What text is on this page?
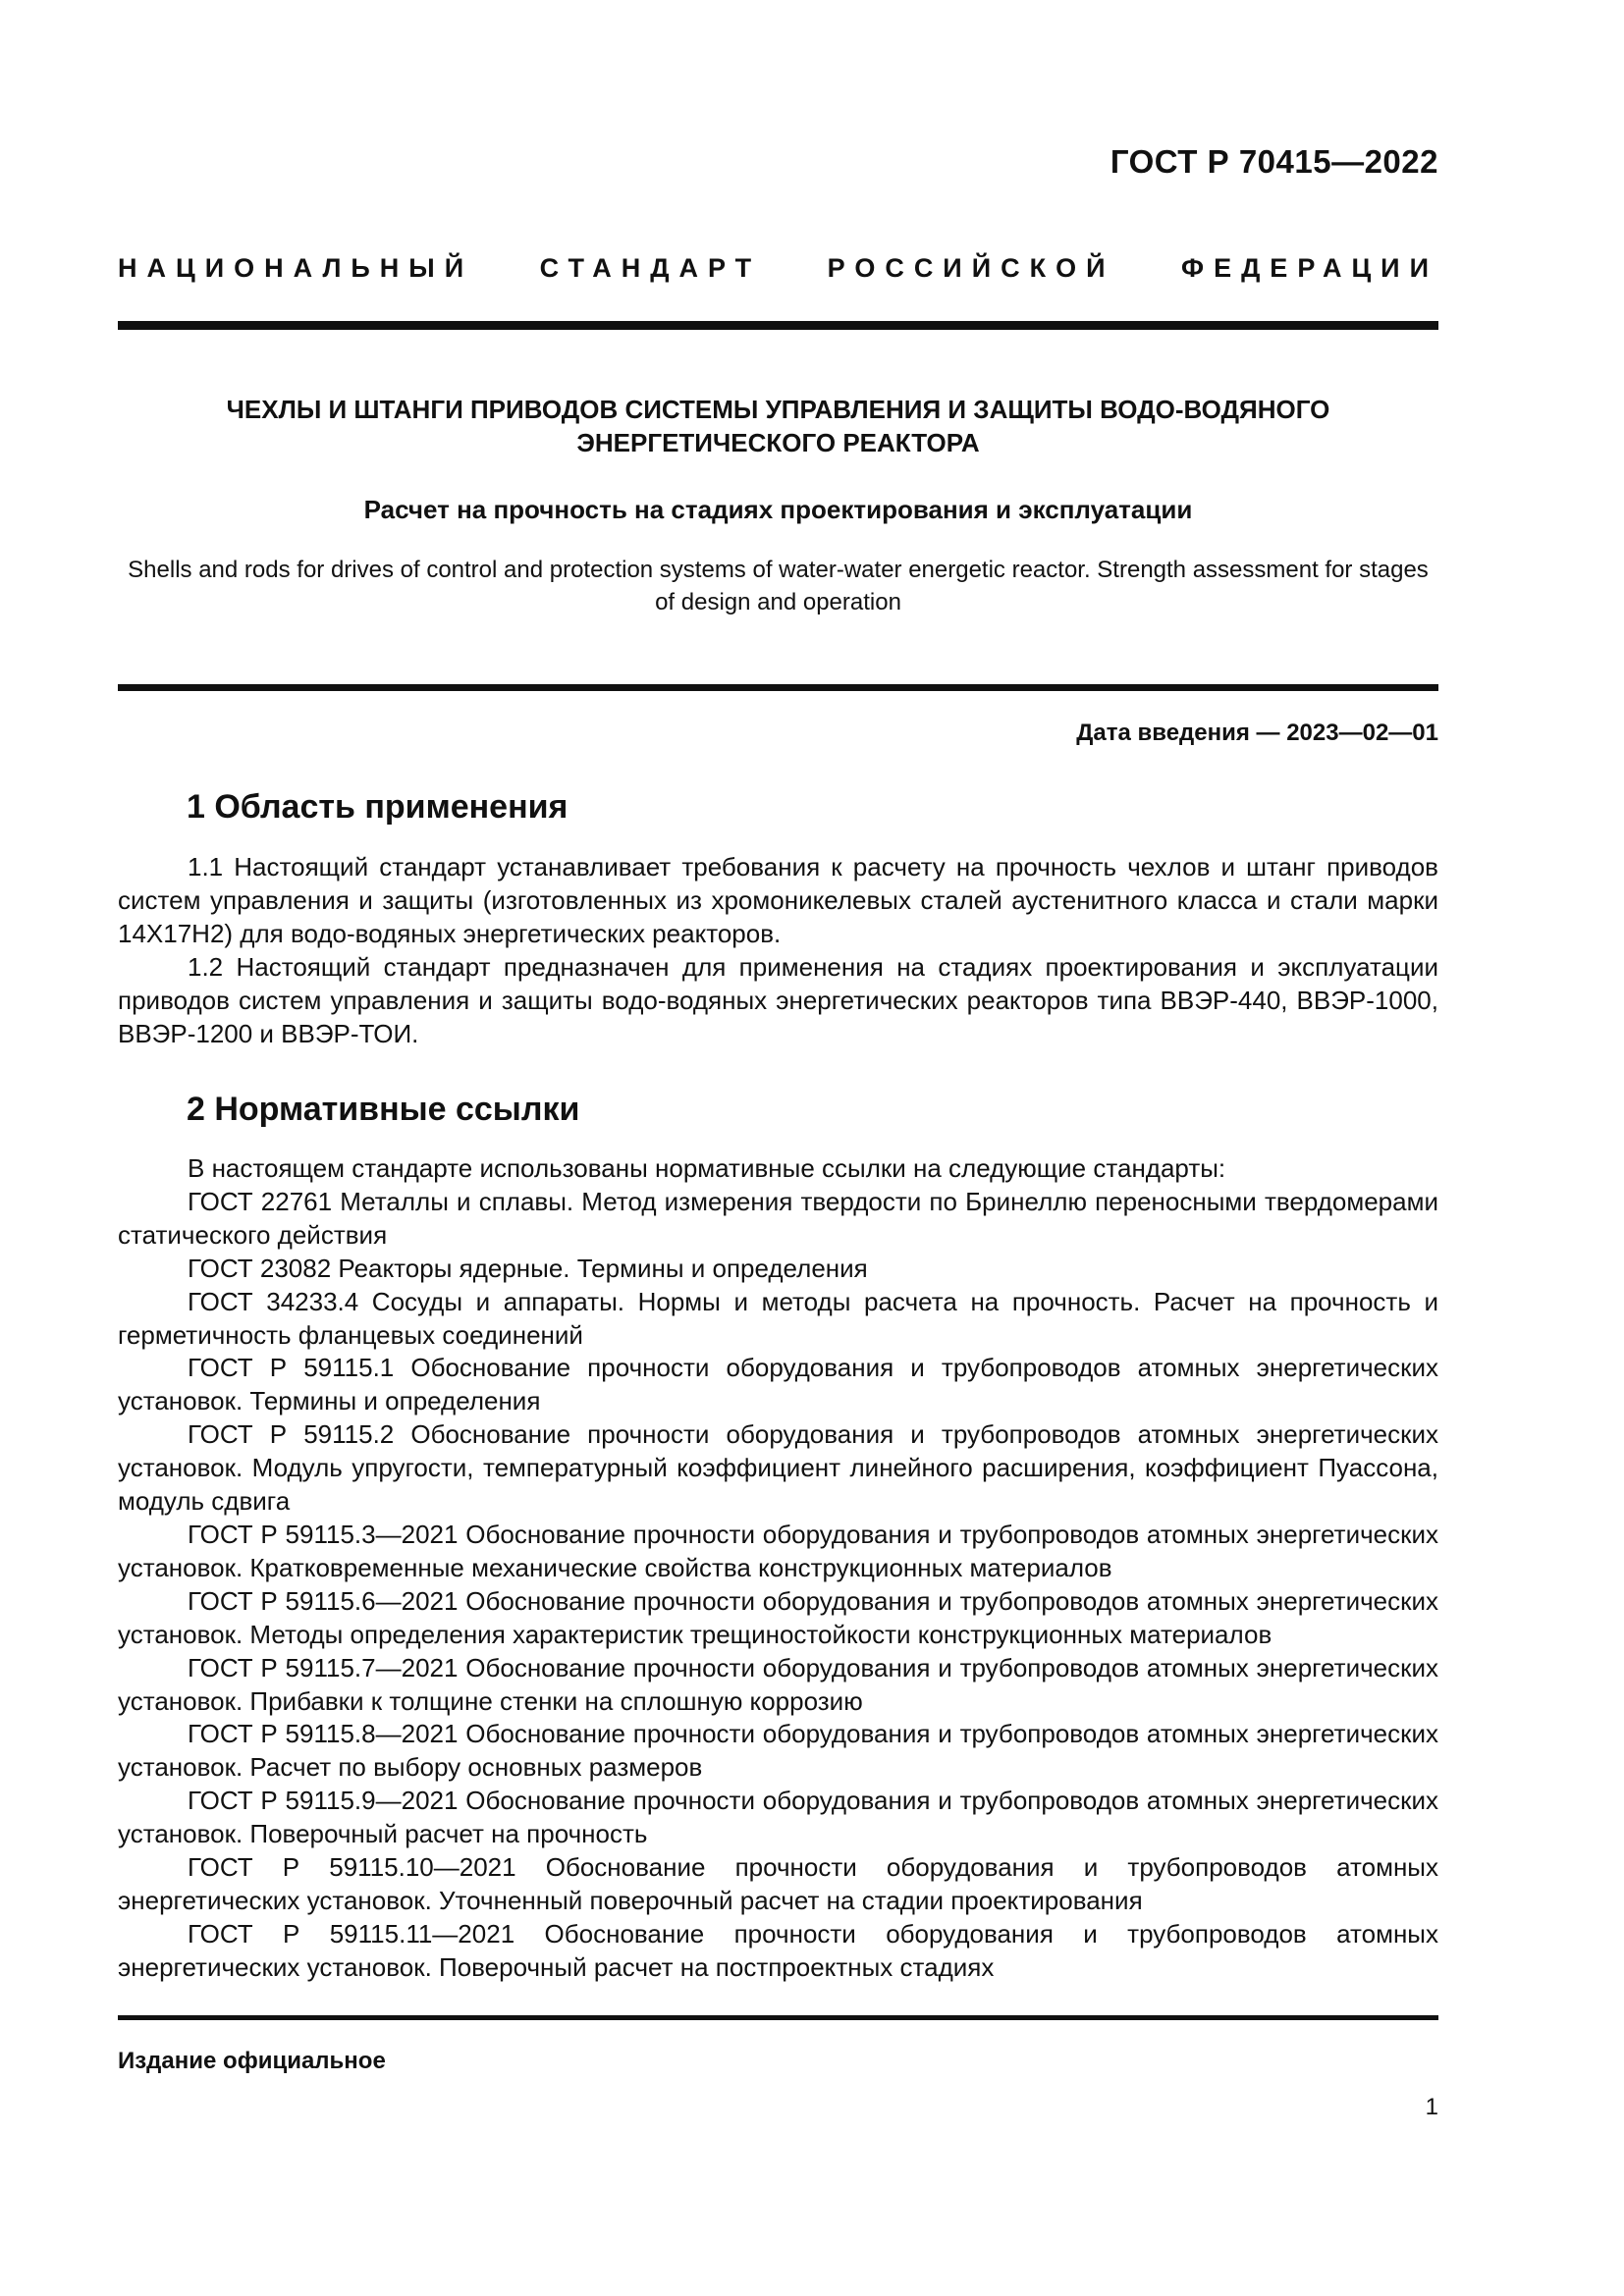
ГОСТ Р 70415—2022
НАЦИОНАЛЬНЫЙ СТАНДАРТ РОССИЙСКОЙ ФЕДЕРАЦИИ

ЧЕХЛЫ И ШТАНГИ ПРИВОДОВ СИСТЕМЫ УПРАВЛЕНИЯ И ЗАЩИТЫ ВОДО-ВОДЯНОГО ЭНЕРГЕТИЧЕСКОГО РЕАКТОРА

Расчет на прочность на стадиях проектирования и эксплуатации

Shells and rods for drives of control and protection systems of water-water energetic reactor. Strength assessment for stages of design and operation

Дата введения — 2023—02—01
1 Область применения

1.1 Настоящий стандарт устанавливает требования к расчету на прочность чехлов и штанг приводов систем управления и защиты (изготовленных из хромоникелевых сталей аустенитного класса и стали марки 14Х17Н2) для водо-водяных энергетических реакторов.

1.2 Настоящий стандарт предназначен для применения на стадиях проектирования и эксплуатации приводов систем управления и защиты водо-водяных энергетических реакторов типа ВВЭР-440, ВВЭР-1000, ВВЭР-1200 и ВВЭР-ТОИ.

2 Нормативные ссылки

В настоящем стандарте использованы нормативные ссылки на следующие стандарты:

ГОСТ 22761 Металлы и сплавы. Метод измерения твердости по Бринеллю переносными твердомерами статического действия

ГОСТ 23082 Реакторы ядерные. Термины и определения

ГОСТ 34233.4 Сосуды и аппараты. Нормы и методы расчета на прочность. Расчет на прочность и герметичность фланцевых соединений

ГОСТ Р 59115.1 Обоснование прочности оборудования и трубопроводов атомных энергетических установок. Термины и определения

ГОСТ Р 59115.2 Обоснование прочности оборудования и трубопроводов атомных энергетических установок. Модуль упругости, температурный коэффициент линейного расширения, коэффициент Пуассона, модуль сдвига

ГОСТ Р 59115.3—2021 Обоснование прочности оборудования и трубопроводов атомных энергетических установок. Кратковременные механические свойства конструкционных материалов

ГОСТ Р 59115.6—2021 Обоснование прочности оборудования и трубопроводов атомных энергетических установок. Методы определения характеристик трещиностойкости конструкционных материалов

ГОСТ Р 59115.7—2021 Обоснование прочности оборудования и трубопроводов атомных энергетических установок. Прибавки к толщине стенки на сплошную коррозию

ГОСТ Р 59115.8—2021 Обоснование прочности оборудования и трубопроводов атомных энергетических установок. Расчет по выбору основных размеров

ГОСТ Р 59115.9—2021 Обоснование прочности оборудования и трубопроводов атомных энергетических установок. Поверочный расчет на прочность

ГОСТ Р 59115.10—2021 Обоснование прочности оборудования и трубопроводов атомных энергетических установок. Уточненный поверочный расчет на стадии проектирования

ГОСТ Р 59115.11—2021 Обоснование прочности оборудования и трубопроводов атомных энергетических установок. Поверочный расчет на постпроектных стадиях

Издание официальное
1
